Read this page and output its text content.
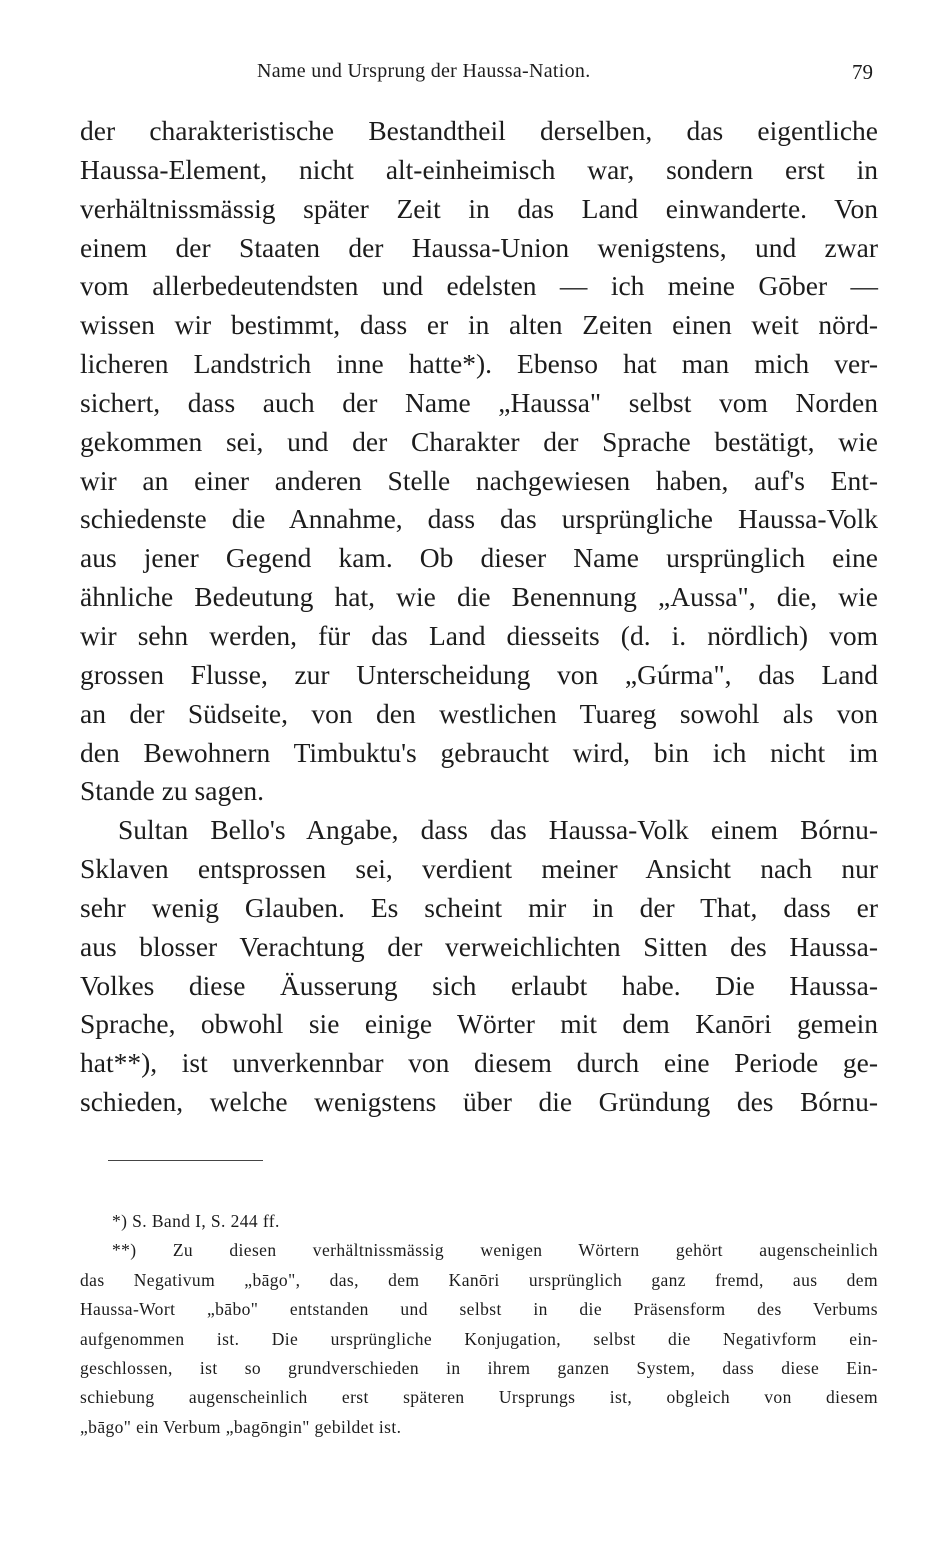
Name und Ursprung der Haussa-Nation.	79
der charakteristische Bestandtheil derselben, das eigentliche
Haussa-Element, nicht alt-einheimisch war, sondern erst in
verhältnissmässig später Zeit in das Land einwanderte. Von
einem der Staaten der Haussa-Union wenigstens, und zwar
vom allerbedeutendsten und edelsten — ich meine Gōber —
wissen wir bestimmt, dass er in alten Zeiten einen weit nörd-
licheren Landstrich inne hatte*). Ebenso hat man mich ver-
sichert, dass auch der Name „Haussa" selbst vom Norden
gekommen sei, und der Charakter der Sprache bestätigt, wie
wir an einer anderen Stelle nachgewiesen haben, auf's Ent-
schiedenste die Annahme, dass das ursprüngliche Haussa-Volk
aus jener Gegend kam. Ob dieser Name ursprünglich eine
ähnliche Bedeutung hat, wie die Benennung „Aussa", die, wie
wir sehn werden, für das Land diesseits (d. i. nördlich) vom
grossen Flusse, zur Unterscheidung von „Gúrma", das Land
an der Südseite, von den westlichen Tuareg sowohl als von
den Bewohnern Timbuktu's gebraucht wird, bin ich nicht im
Stande zu sagen.
Sultan Bello's Angabe, dass das Haussa-Volk einem Bórnu-
Sklaven entsprossen sei, verdient meiner Ansicht nach nur
sehr wenig Glauben. Es scheint mir in der That, dass er
aus blosser Verachtung der verweichlichten Sitten des Haussa-
Volkes diese Äusserung sich erlaubt habe. Die Haussa-
Sprache, obwohl sie einige Wörter mit dem Kanōri gemein
hat**), ist unverkennbar von diesem durch eine Periode ge-
schieden, welche wenigstens über die Gründung des Bórnu-
*) S. Band I, S. 244 ff.
**) Zu diesen verhältnissmässig wenigen Wörtern gehört augenscheinlich
das Negativum „bāgo", das, dem Kanōri ursprünglich ganz fremd, aus dem
Haussa-Wort „bābo" entstanden und selbst in die Präsensform des Verbums
aufgenommen ist. Die ursprüngliche Konjugation, selbst die Negativform ein-
geschlossen, ist so grundverschieden in ihrem ganzen System, dass diese Ein-
schiebung augenscheinlich erst späteren Ursprungs ist, obgleich von diesem
„bāgo" ein Verbum „bagōngin" gebildet ist.
